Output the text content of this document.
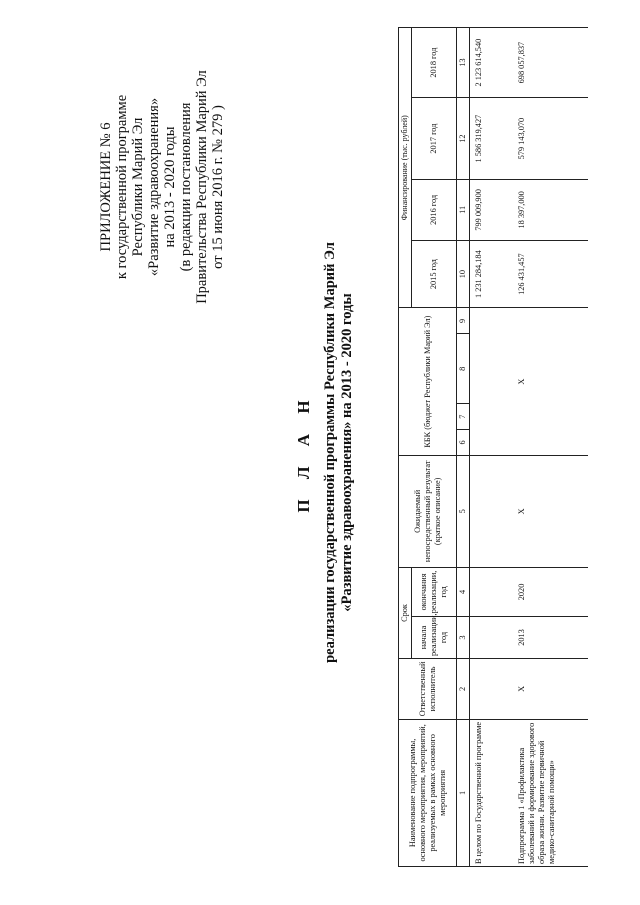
ПРИЛОЖЕНИЕ № 6 к государственной программе Республики Марий Эл «Развитие здравоохранения» на 2013 - 2020 годы (в редакции постановления Правительства Республики Марий Эл от 15 июня 2016 г. № 279 )
П Л А Н реализации государственной программы Республики Марий Эл «Развитие здравоохранения» на 2013 - 2020 годы
Наименование подпрограммы, основного мероприятия, мероприятий, реализуемых в рамках основного мероприятия	Ответственный исполнитель	Срок		Ожидаемый непосредственный результат (краткое описание)	КБК (бюджет Республики Марий Эл)				Финансирование (тыс. рублей)			
		начала реализации, год	окончания реализации, год						2015 год	2016 год	2017 год	2018 год
1	2	3	4	5	6	7	8	9	10	11	12	13
В целом по Государственной программе									1 231 284,184	799 009,900	1 586 319,427	2 123 614,540
Подпрограмма 1 «Профилактика заболеваний и формирование здорового образа жизни. Развитие первичной медико-санитарной помощи»	Х	2013	2020	Х	Х				126 431,457	18 397,000	579 143,070	698 057,837
